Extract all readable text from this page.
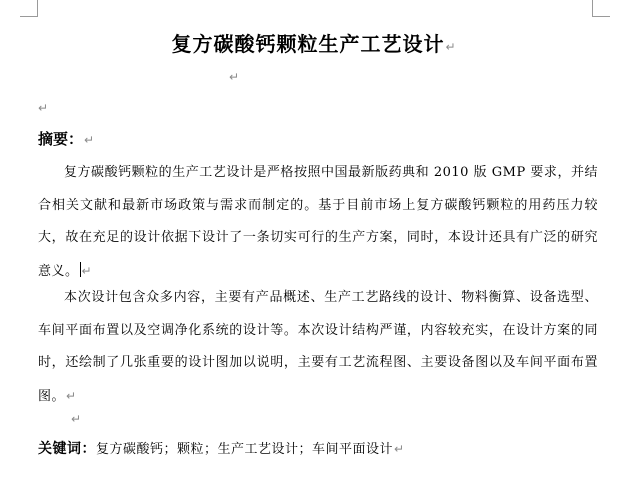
复方碳酸钙颗粒生产工艺设计↵
↵
↵
摘要：↵
复方碳酸钙颗粒的生产工艺设计是严格按照中国最新版药典和 2010 版 GMP 要求，并结合相关文献和最新市场政策与需求而制定的。基于目前市场上复方碳酸钙颗粒的用药压力较大，故在充足的设计依据下设计了一条切实可行的生产方案，同时，本设计还具有广泛的研究意义。 ↵
本次设计包含众多内容，主要有产品概述、生产工艺路线的设计、物料衡算、设备选型、车间平面布置以及空调净化系统的设计等。本次设计结构严谨，内容较充实，在设计方案的同时，还绘制了几张重要的设计图加以说明，主要有工艺流程图、主要设备图以及车间平面布置图。↵
↵
关键词：复方碳酸钙；颗粒；生产工艺设计；车间平面设计↵
